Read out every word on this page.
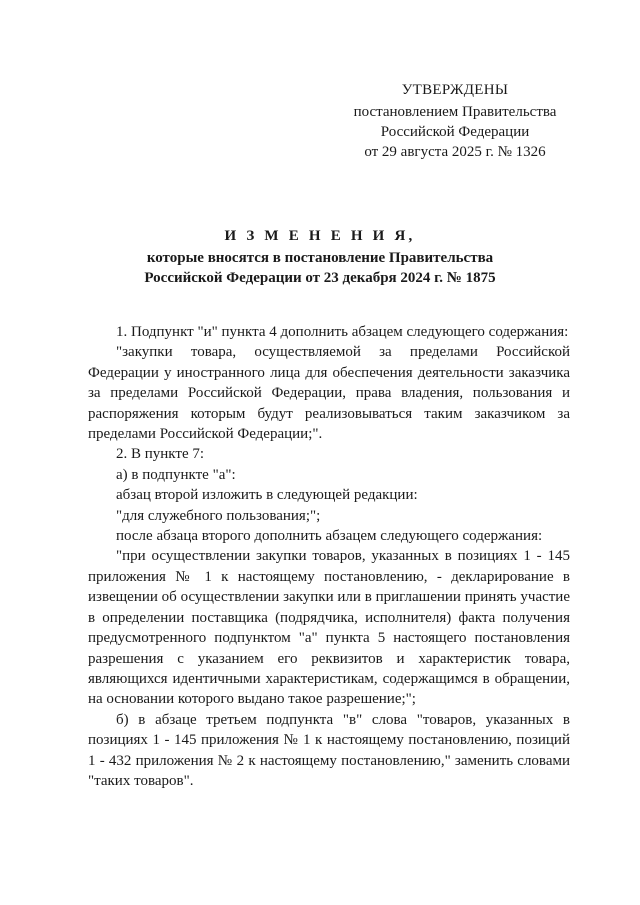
УТВЕРЖДЕНЫ
постановлением Правительства
Российской Федерации
от 29 августа 2025 г. № 1326
И З М Е Н Е Н И Я,
которые вносятся в постановление Правительства
Российской Федерации от 23 декабря 2024 г. № 1875

1. Подпункт "и" пункта 4 дополнить абзацем следующего содержания:

"закупки товара, осуществляемой за пределами Российской Федерации у иностранного лица для обеспечения деятельности заказчика за пределами Российской Федерации, права владения, пользования и распоряжения которым будут реализовываться таким заказчиком за пределами Российской Федерации;".

2. В пункте 7:

а) в подпункте "а":

абзац второй изложить в следующей редакции:

"для служебного пользования;";

после абзаца второго дополнить абзацем следующего содержания:

"при осуществлении закупки товаров, указанных в позициях 1 - 145 приложения № 1 к настоящему постановлению, - декларирование в извещении об осуществлении закупки или в приглашении принять участие в определении поставщика (подрядчика, исполнителя) факта получения предусмотренного подпунктом "а" пункта 5 настоящего постановления разрешения с указанием его реквизитов и характеристик товара, являющихся идентичными характеристикам, содержащимся в обращении, на основании которого выдано такое разрешение;";

б) в абзаце третьем подпункта "в" слова "товаров, указанных в позициях 1 - 145 приложения № 1 к настоящему постановлению, позиций 1 - 432 приложения № 2 к настоящему постановлению," заменить словами "таких товаров".
